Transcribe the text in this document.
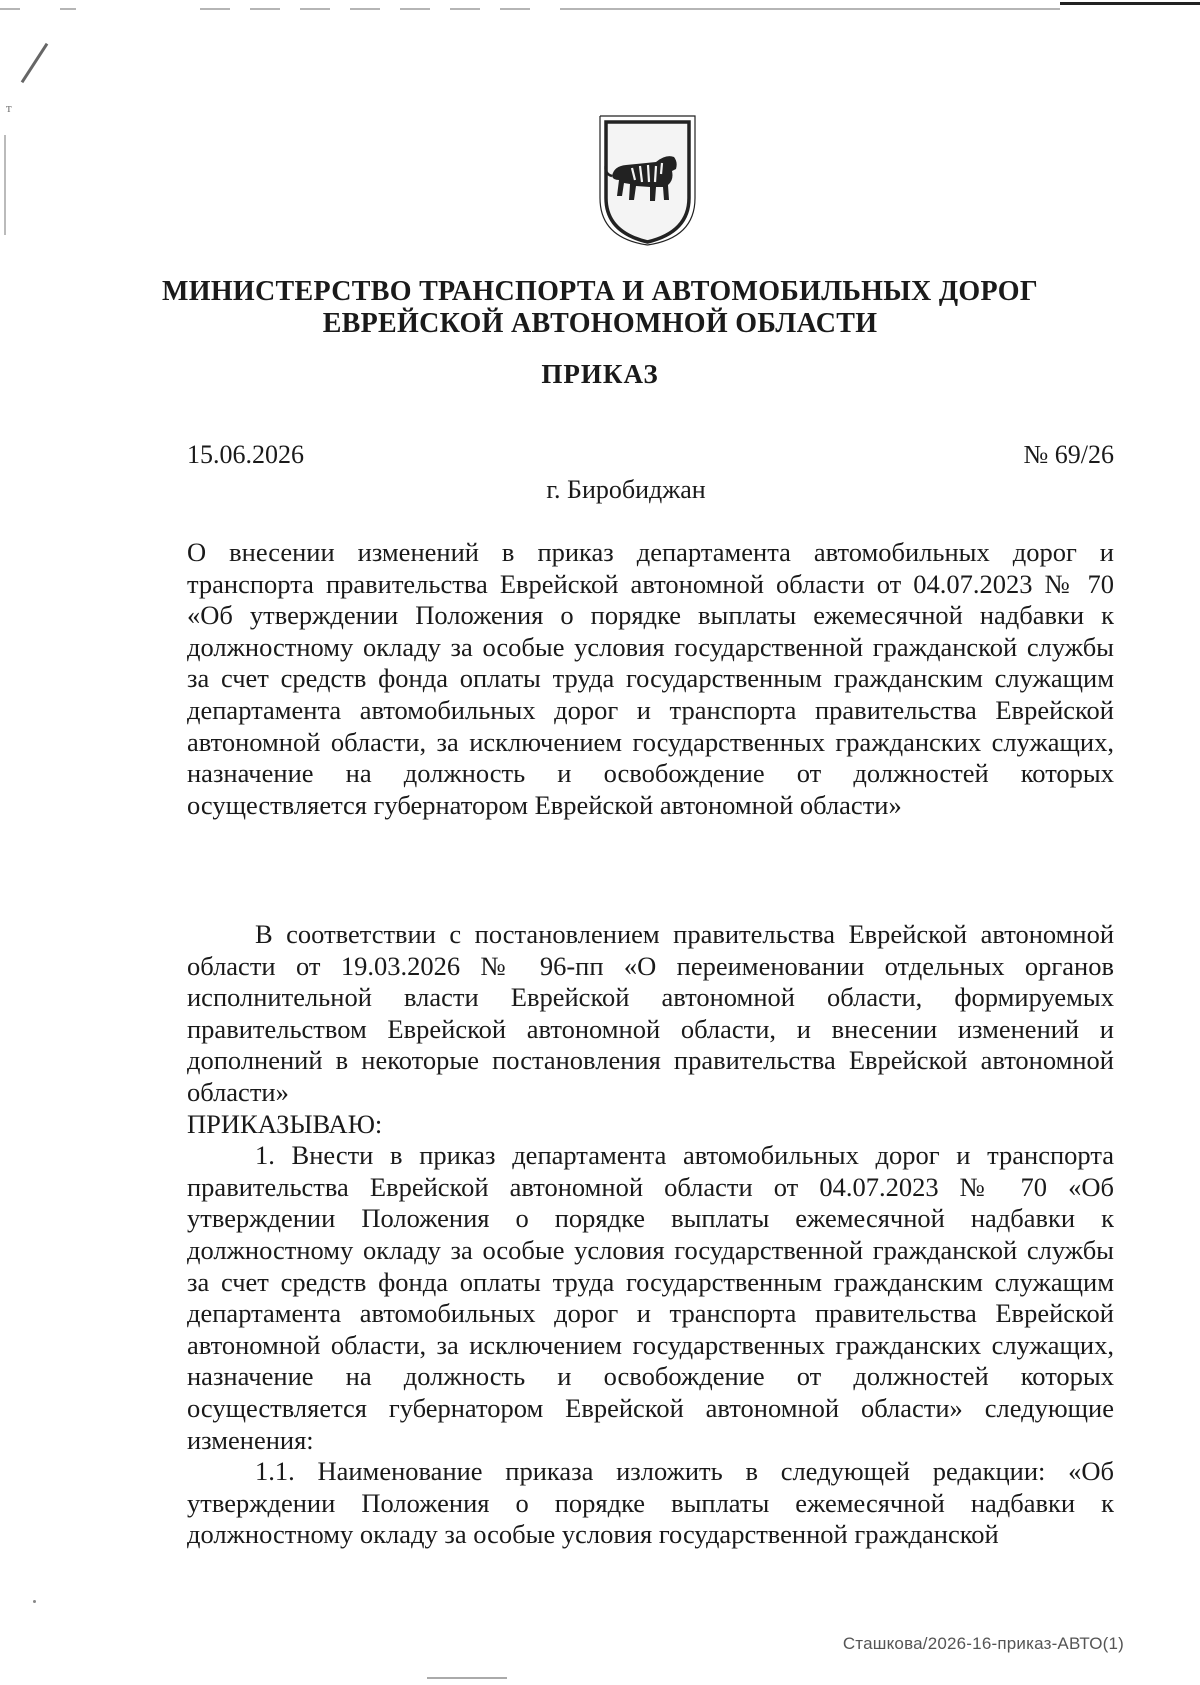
т
МИНИСТЕРСТВО ТРАНСПОРТА И АВТОМОБИЛЬНЫХ ДОРОГ
ЕВРЕЙСКОЙ АВТОНОМНОЙ ОБЛАСТИ
ПРИКАЗ
15.06.2026	№ 69/26
г. Биробиджан

О внесении изменений в приказ департамента автомобильных дорог и транспорта правительства Еврейской автономной области от 04.07.2023 № 70 «Об утверждении Положения о порядке выплаты ежемесячной надбавки к должностному окладу за особые условия государственной гражданской службы за счет средств фонда оплаты труда государственным гражданским служащим департамента автомобильных дорог и транспорта правительства Еврейской автономной области, за исключением государственных гражданских служащих, назначение на должность и освобождение от должностей которых осуществляется губернатором Еврейской автономной области»

В соответствии с постановлением правительства Еврейской автономной области от 19.03.2026 № 96-пп «О переименовании отдельных органов исполнительной власти Еврейской автономной области, формируемых правительством Еврейской автономной области, и внесении изменений и дополнений в некоторые постановления правительства Еврейской автономной области»

ПРИКАЗЫВАЮ:

1. Внести в приказ департамента автомобильных дорог и транспорта правительства Еврейской автономной области от 04.07.2023 № 70 «Об утверждении Положения о порядке выплаты ежемесячной надбавки к должностному окладу за особые условия государственной гражданской службы за счет средств фонда оплаты труда государственным гражданским служащим департамента автомобильных дорог и транспорта правительства Еврейской автономной области, за исключением государственных гражданских служащих, назначение на должность и освобождение от должностей которых осуществляется губернатором Еврейской автономной области» следующие изменения:

1.1. Наименование приказа изложить в следующей редакции: «Об утверждении Положения о порядке выплаты ежемесячной надбавки к должностному окладу за особые условия государственной гражданской

Сташкова/2026-16-приказ-АВТО(1)
